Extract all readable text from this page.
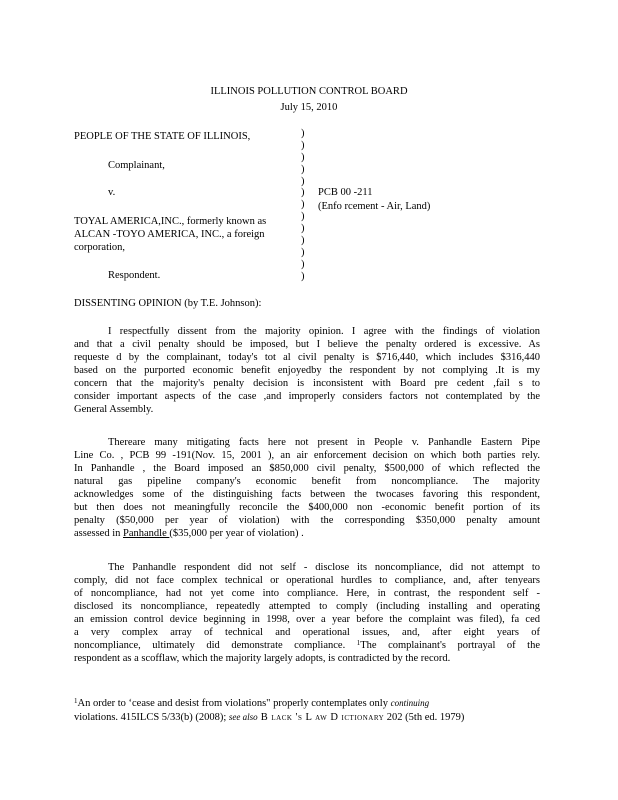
ILLINOIS POLLUTION CONTROL BOARD
July 15, 2010
PEOPLE OF THE STATE OF ILLINOIS,
Complainant,
v.
TOYAL AMERICA,INC., formerly known as
ALCAN -TOYO AMERICA, INC., a foreign
corporation,
Respondent.
)
)
)
)
)
)
)
)
)
)
)
)
)
PCB 00 -211
(Enfo rcement - Air, Land)
DISSENTING OPINION (by T.E. Johnson):
I respectfully dissent from the majority opinion. I agree with the findings of violation
and that a civil penalty should be imposed, but I believe the penalty ordered is excessive. As
requeste d by the complainant, today's tot al civil penalty is $716,440, which includes $316,440
based on the purported economic benefit enjoyedby the respondent by not complying .It is my
concern that the majority's penalty decision is inconsistent with Board pre cedent ,fail s to
consider important aspects of the case ,and improperly considers factors not contemplated by the
General Assembly.
Thereare many mitigating facts here not present in People v. Panhandle Eastern Pipe
Line Co. , PCB 99 -191(Nov. 15, 2001 ), an air enforcement decision on which both parties rely.
In Panhandle , the Board imposed an $850,000 civil penalty, $500,000 of which reflected the
natural gas pipeline company's economic benefit from noncompliance. The majority
acknowledges some of the distinguishing facts between the twocases favoring this respondent,
but then does not meaningfully reconcile the $400,000 non -economic benefit portion of its
penalty ($50,000 per year of violation) with the corresponding $350,000 penalty amount
assessed in Panhandle ($35,000 per year of violation) .
The Panhandle respondent did not self - disclose its noncompliance, did not attempt to
comply, did not face complex technical or operational hurdles to compliance, and, after tenyears
of noncompliance, had not yet come into compliance. Here, in contrast, the respondent self -
disclosed its noncompliance, repeatedly attempted to comply (including installing and operating
an emission control device beginning in 1998, over a year before the complaint was filed), fa ced
a very complex array of technical and operational issues, and, after eight years of
noncompliance, ultimately did demonstrate compliance. $^1$The complainant's portrayal of the
respondent as a scofflaw, which the majority largely adopts, is contradicted by the record.
$^1$An order to ‘cease and desist from violations" properly contemplates only continuing
violations. 415ILCS 5/33(b) (2008); see also B lack 's L aw D ictionary 202 (5th ed. 1979)
